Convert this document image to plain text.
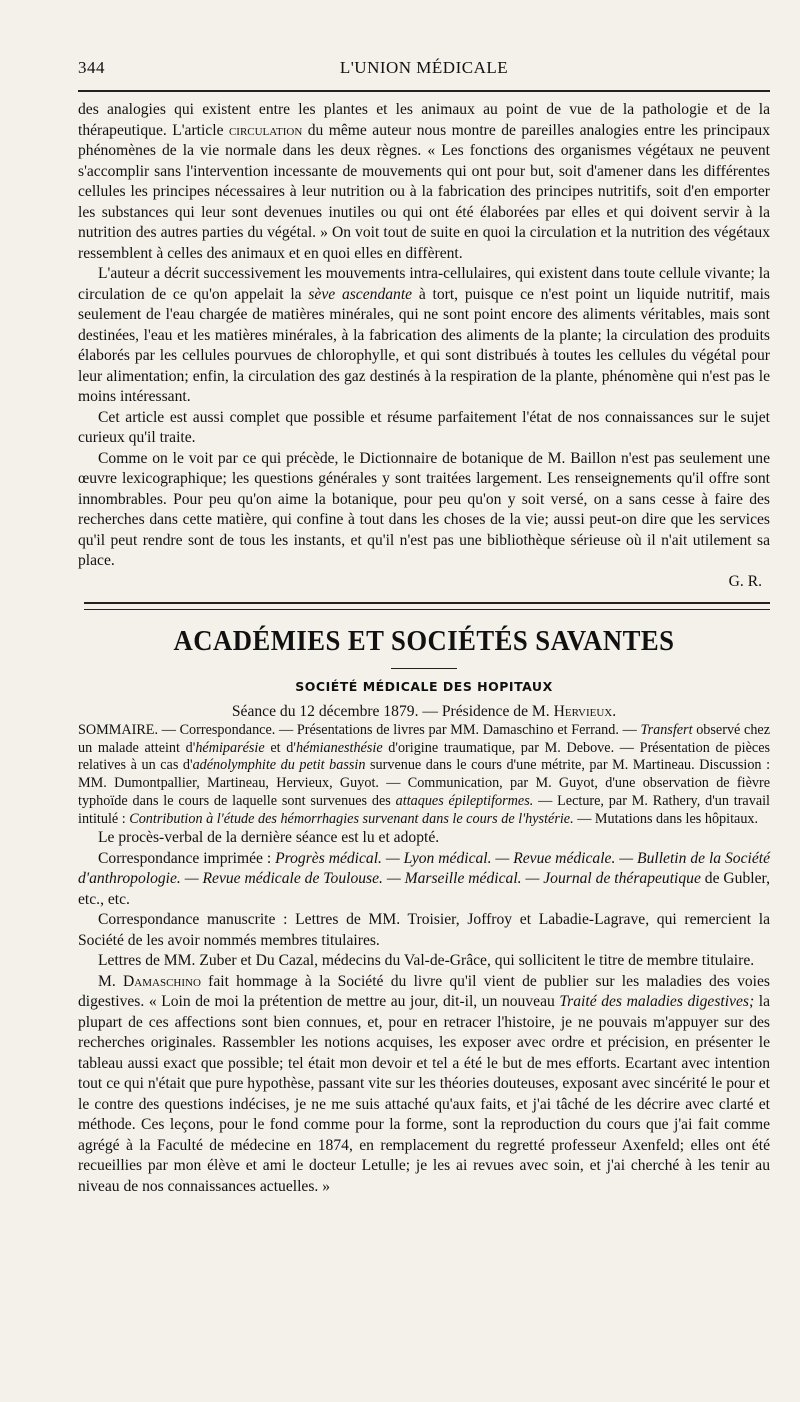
344	L'UNION MÉDICALE

des analogies qui existent entre les plantes et les animaux au point de vue de la pathologie et de la thérapeutique. L'article circulation du même auteur nous montre de pareilles analogies entre les principaux phénomènes de la vie normale dans les deux règnes. « Les fonctions des organismes végétaux ne peuvent s'accomplir sans l'intervention incessante de mouvements qui ont pour but, soit d'amener dans les différentes cellules les principes nécessaires à leur nutrition ou à la fabrication des principes nutritifs, soit d'en emporter les substances qui leur sont devenues inutiles ou qui ont été élaborées par elles et qui doivent servir à la nutrition des autres parties du végétal. » On voit tout de suite en quoi la circulation et la nutrition des végétaux ressemblent à celles des animaux et en quoi elles en diffèrent.

L'auteur a décrit successivement les mouvements intra-cellulaires, qui existent dans toute cellule vivante; la circulation de ce qu'on appelait la sève ascendante à tort, puisque ce n'est point un liquide nutritif, mais seulement de l'eau chargée de matières minérales, qui ne sont point encore des aliments véritables, mais sont destinées, l'eau et les matières minérales, à la fabrication des aliments de la plante; la circulation des produits élaborés par les cellules pourvues de chlorophylle, et qui sont distribués à toutes les cellules du végétal pour leur alimentation; enfin, la circulation des gaz destinés à la respiration de la plante, phénomène qui n'est pas le moins intéressant.

Cet article est aussi complet que possible et résume parfaitement l'état de nos connaissances sur le sujet curieux qu'il traite.

Comme on le voit par ce qui précède, le Dictionnaire de botanique de M. Baillon n'est pas seulement une œuvre lexicographique; les questions générales y sont traitées largement. Les renseignements qu'il offre sont innombrables. Pour peu qu'on aime la botanique, pour peu qu'on y soit versé, on a sans cesse à faire des recherches dans cette matière, qui confine à tout dans les choses de la vie; aussi peut-on dire que les services qu'il peut rendre sont de tous les instants, et qu'il n'est pas une bibliothèque sérieuse où il n'ait utilement sa place.

G. R.

ACADÉMIES ET SOCIÉTÉS SAVANTES
SOCIÉTÉ MÉDICALE DES HOPITAUX

Séance du 12 décembre 1879. — Présidence de M. Hervieux.

SOMMAIRE. — Correspondance. — Présentations de livres par MM. Damaschino et Ferrand. — Transfert observé chez un malade atteint d'hémiparésie et d'hémianesthésie d'origine traumatique, par M. Debove. — Présentation de pièces relatives à un cas d'adénolymphite du petit bassin survenue dans le cours d'une métrite, par M. Martineau. Discussion : MM. Dumontpallier, Martineau, Hervieux, Guyot. — Communication, par M. Guyot, d'une observation de fièvre typhoïde dans le cours de laquelle sont survenues des attaques épileptiformes. — Lecture, par M. Rathery, d'un travail intitulé : Contribution à l'étude des hémorrhagies survenant dans le cours de l'hystérie. — Mutations dans les hôpitaux.

Le procès-verbal de la dernière séance est lu et adopté.

Correspondance imprimée : Progrès médical. — Lyon médical. — Revue médicale. — Bulletin de la Société d'anthropologie. — Revue médicale de Toulouse. — Marseille médical. — Journal de thérapeutique de Gubler, etc., etc.

Correspondance manuscrite : Lettres de MM. Troisier, Joffroy et Labadie-Lagrave, qui remercient la Société de les avoir nommés membres titulaires.

Lettres de MM. Zuber et Du Cazal, médecins du Val-de-Grâce, qui sollicitent le titre de membre titulaire.

M. Damaschino fait hommage à la Société du livre qu'il vient de publier sur les maladies des voies digestives. « Loin de moi la prétention de mettre au jour, dit-il, un nouveau Traité des maladies digestives; la plupart de ces affections sont bien connues, et, pour en retracer l'histoire, je ne pouvais m'appuyer sur des recherches originales. Rassembler les notions acquises, les exposer avec ordre et précision, en présenter le tableau aussi exact que possible; tel était mon devoir et tel a été le but de mes efforts. Ecartant avec intention tout ce qui n'était que pure hypothèse, passant vite sur les théories douteuses, exposant avec sincérité le pour et le contre des questions indécises, je ne me suis attaché qu'aux faits, et j'ai tâché de les décrire avec clarté et méthode. Ces leçons, pour le fond comme pour la forme, sont la reproduction du cours que j'ai fait comme agrégé à la Faculté de médecine en 1874, en remplacement du regretté professeur Axenfeld; elles ont été recueillies par mon élève et ami le docteur Letulle; je les ai revues avec soin, et j'ai cherché à les tenir au niveau de nos connaissances actuelles. »
